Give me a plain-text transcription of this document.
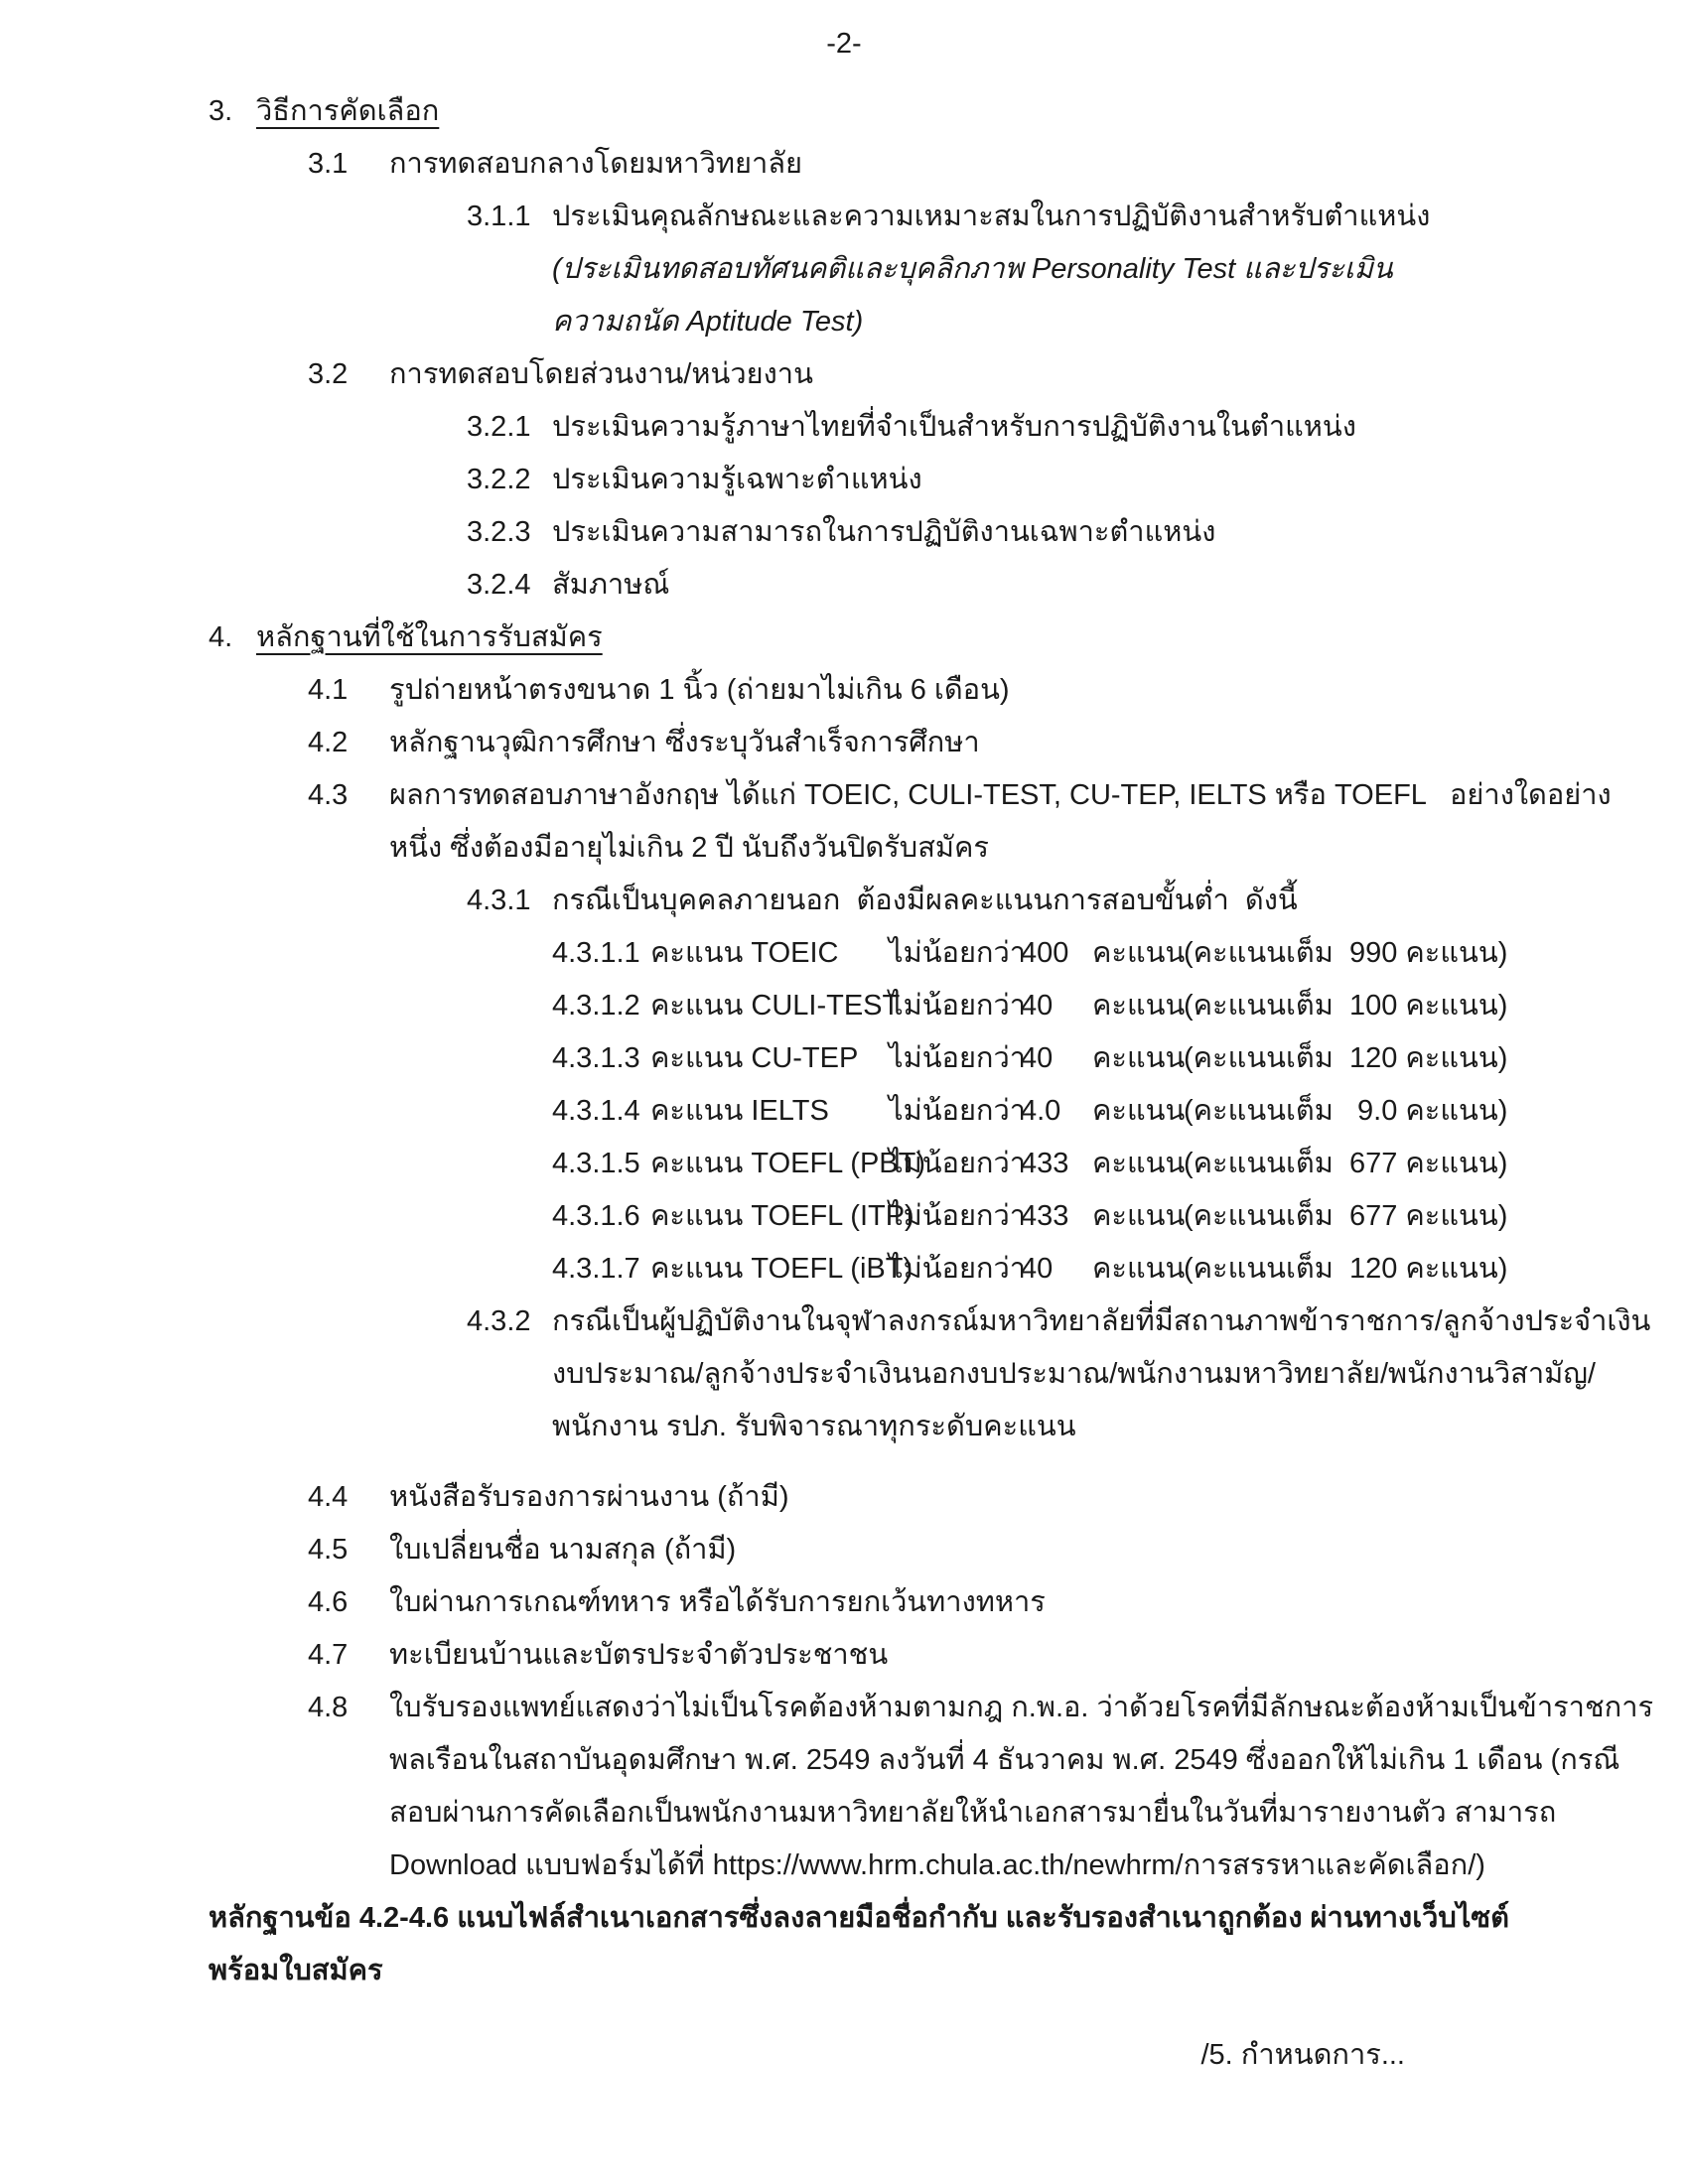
-2-

3.

วิธีการคัดเลือก

3.1

การทดสอบกลางโดยมหาวิทยาลัย

3.1.1

ประเมินคุณลักษณะและความเหมาะสมในการปฏิบัติงานสำหรับตำแหน่ง

(ประเมินทดสอบทัศนคติและบุคลิกภาพ Personality Test และประเมิน

ความถนัด Aptitude Test)

3.2

การทดสอบโดยส่วนงาน/หน่วยงาน

3.2.1

ประเมินความรู้ภาษาไทยที่จำเป็นสำหรับการปฏิบัติงานในตำแหน่ง

3.2.2

ประเมินความรู้เฉพาะตำแหน่ง

3.2.3

ประเมินความสามารถในการปฏิบัติงานเฉพาะตำแหน่ง

3.2.4

สัมภาษณ์

4.

หลักฐานที่ใช้ในการรับสมัคร

4.1

รูปถ่ายหน้าตรงขนาด 1 นิ้ว (ถ่ายมาไม่เกิน 6 เดือน)

4.2

หลักฐานวุฒิการศึกษา ซึ่งระบุวันสำเร็จการศึกษา

4.3

ผลการทดสอบภาษาอังกฤษ ได้แก่ TOEIC, CULI-TEST, CU-TEP, IELTS หรือ TOEFL   อย่างใดอย่าง

หนึ่ง ซึ่งต้องมีอายุไม่เกิน 2 ปี นับถึงวันปิดรับสมัคร

4.3.1

กรณีเป็นบุคคลภายนอก  ต้องมีผลคะแนนการสอบขั้นต่ำ  ดังนี้

4.3.1.1

คะแนน TOEIC

ไม่น้อยกว่า

400

คะแนน

(คะแนนเต็ม  990 คะแนน)

4.3.1.2

คะแนน CULI-TEST

ไม่น้อยกว่า

40

คะแนน

(คะแนนเต็ม  100 คะแนน)

4.3.1.3

คะแนน CU-TEP

ไม่น้อยกว่า

40

คะแนน

(คะแนนเต็ม  120 คะแนน)

4.3.1.4

คะแนน IELTS

ไม่น้อยกว่า

4.0

คะแนน

(คะแนนเต็ม   9.0 คะแนน)

4.3.1.5

คะแนน TOEFL (PBT)

ไม่น้อยกว่า

433

คะแนน

(คะแนนเต็ม  677 คะแนน)

4.3.1.6

คะแนน TOEFL (ITP)

ไม่น้อยกว่า

433

คะแนน

(คะแนนเต็ม  677 คะแนน)

4.3.1.7

คะแนน TOEFL (iBT)

ไม่น้อยกว่า

40

คะแนน

(คะแนนเต็ม  120 คะแนน)

4.3.2

กรณีเป็นผู้ปฏิบัติงานในจุฬาลงกรณ์มหาวิทยาลัยที่มีสถานภาพข้าราชการ/ลูกจ้างประจำเงิน

งบประมาณ/ลูกจ้างประจำเงินนอกงบประมาณ/พนักงานมหาวิทยาลัย/พนักงานวิสามัญ/

พนักงาน รปภ. รับพิจารณาทุกระดับคะแนน

4.4

หนังสือรับรองการผ่านงาน (ถ้ามี)

4.5

ใบเปลี่ยนชื่อ นามสกุล (ถ้ามี)

4.6

ใบผ่านการเกณฑ์ทหาร หรือได้รับการยกเว้นทางทหาร

4.7

ทะเบียนบ้านและบัตรประจำตัวประชาชน

4.8

ใบรับรองแพทย์แสดงว่าไม่เป็นโรคต้องห้ามตามกฎ ก.พ.อ. ว่าด้วยโรคที่มีลักษณะต้องห้ามเป็นข้าราชการ

พลเรือนในสถาบันอุดมศึกษา พ.ศ. 2549 ลงวันที่ 4 ธันวาคม พ.ศ. 2549 ซึ่งออกให้ไม่เกิน 1 เดือน (กรณี

สอบผ่านการคัดเลือกเป็นพนักงานมหาวิทยาลัยให้นำเอกสารมายื่นในวันที่มารายงานตัว สามารถ

Download แบบฟอร์มได้ที่ https://www.hrm.chula.ac.th/newhrm/การสรรหาและคัดเลือก/)

หลักฐานข้อ 4.2-4.6 แนบไฟล์สำเนาเอกสารซึ่งลงลายมือชื่อกำกับ และรับรองสำเนาถูกต้อง ผ่านทางเว็บไซต์

พร้อมใบสมัคร

/5. กำหนดการ...
